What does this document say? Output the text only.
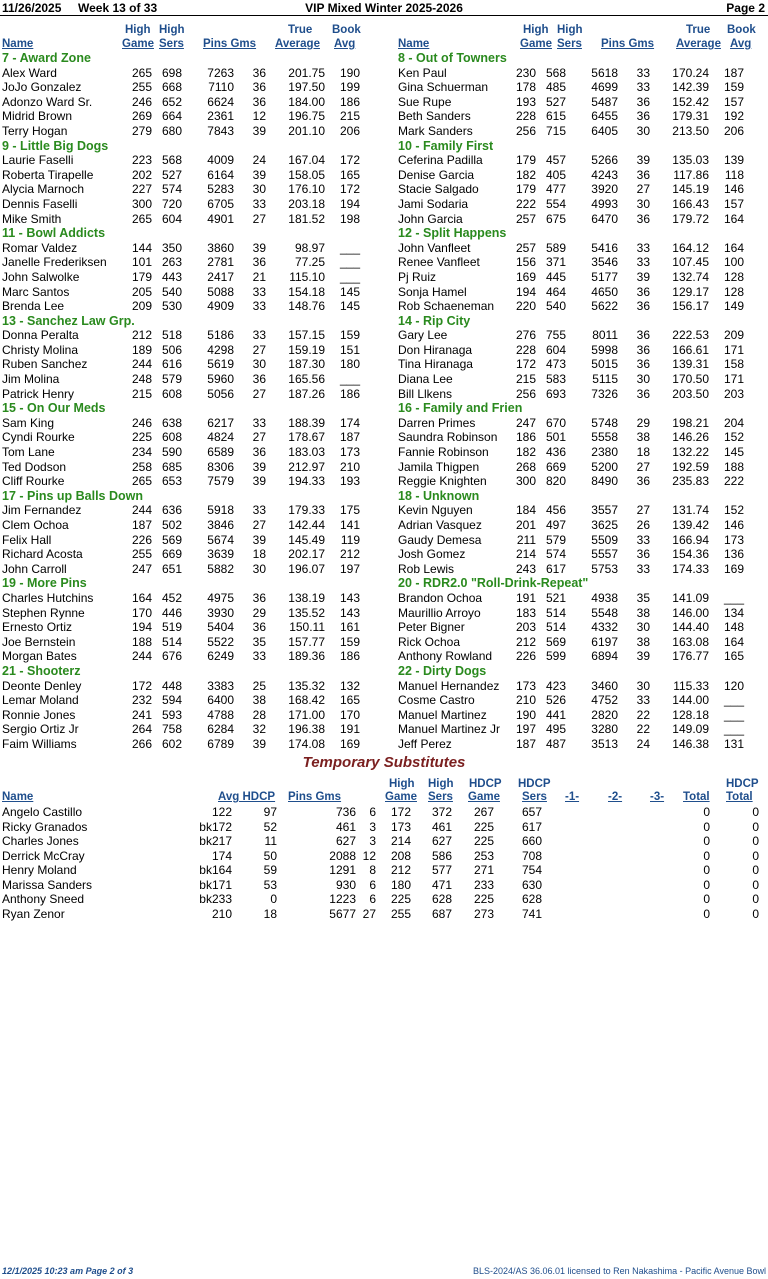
11/26/2025 Week 13 of 33	VIP Mixed Winter 2025-2026	Page 2
Name
High
Game
High
Sers Pins Gms
True
Average
Book
Avg
7 - Award Zone
Alex Ward	265 698 7263 36 201.75 190
JoJo Gonzalez	255 668 7110 36 197.50 199
Adonzo Ward Sr.	246 652 6624 36 184.00 186
Midrid Brown	269 664 2361 12 196.75 215
Terry Hogan	279 680 7843 39 201.10 206
9 - Little Big Dogs
Laurie Faselli	223 568 4009 24 167.04 172
Roberta Tirapelle	202 527 6164 39 158.05 165
Alycia Marnoch	227 574 5283 30 176.10 172
Dennis Faselli	300 720 6705 33 203.18 194
Mike Smith	265 604 4901 27 181.52 198
11 - Bowl Addicts
Romar Valdez	144 350 3860 39 98.97 ___
Janelle Frederiksen 101 263 2781 36 77.25 ___
John Salwolke	179 443 2417 21 115.10 ___
Marc Santos	205 540 5088 33 154.18 145
Brenda Lee	209 530 4909 33 148.76 145
13 - Sanchez Law Grp.
Donna Peralta	212 518 5186 33 157.15 159
Christy Molina	189 506 4298 27 159.19 151
Ruben Sanchez	244 616 5619 30 187.30 180
Jim Molina	248 579 5960 36 165.56 ___
Patrick Henry	215 608 5056 27 187.26 186
15 - On Our Meds
Sam King	246 638 6217 33 188.39 174
Cyndi Rourke	225 608 4824 27 178.67 187
Tom Lane	234 590 6589 36 183.03 173
Ted Dodson	258 685 8306 39 212.97 210
Cliff Rourke	265 653 7579 39 194.33 193
17 - Pins up Balls Down
Jim Fernandez	244 636 5918 33 179.33 175
Clem Ochoa	187 502 3846 27 142.44 141
Felix Hall	226 569 5674 39 145.49 119
Richard Acosta	255 669 3639 18 202.17 212
John Carroll	247 651 5882 30 196.07 197
19 - More Pins
Charles Hutchins	164 452 4975 36 138.19 143
Stephen Rynne	170 446 3930 29 135.52 143
Ernesto Ortiz	194 519 5404 36 150.11 161
Joe Bernstein	188 514 5522 35 157.77 159
Morgan Bates	244 676 6249 33 189.36 186
21 - Shooterz
Deonte Denley	172 448 3383 25 135.32 132
Lemar Moland	232 594 6400 38 168.42 165
Ronnie Jones	241 593 4788 28 171.00 170
Sergio Ortiz Jr	264 758 6284 32 196.38 191
Faim Williams	266 602 6789 39 174.08 169
Name
High
Game
High
Sers Pins Gms
True
Average
Book
Avg
8 - Out of Towners
Ken Paul	230 568 5618 33 170.24 187
Gina Schuerman 178 485 4699 33 142.39 159
Sue Rupe	193 527 5487 36 152.42 157
Beth Sanders	228 615 6455 36 179.31 192
Mark Sanders	256 715 6405 30 213.50 206
10 - Family First
Ceferina Padilla	179 457 5266 39 135.03 139
Denise Garcia	182 405 4243 36 117.86 118
Stacie Salgado	179 477 3920 27 145.19 146
Jami Sodaria	222 554 4993 30 166.43 157
John Garcia	257 675 6470 36 179.72 164
12 - Split Happens
John Vanfleet	257 589 5416 33 164.12 164
Renee Vanfleet	156 371 3546 33 107.45 100
Pj Ruiz	169 445 5177 39 132.74 128
Sonja Hamel	194 464 4650 36 129.17 128
Rob Schaeneman 220 540 5622 36 156.17 149
14 - Rip City
Gary Lee	276 755 8011 36 222.53 209
Don Hiranaga	228 604 5998 36 166.61 171
Tina Hiranaga	172 473 5015 36 139.31 158
Diana Lee	215 583 5115 30 170.50 171
Bill Llkens	256 693 7326 36 203.50 203
16 - Family and Frien
Darren Primes	247 670 5748 29 198.21 204
Saundra Robinson 186 501 5558 38 146.26 152
Fannie Robinson 182 436 2380 18 132.22 145
Jamila Thigpen	268 669 5200 27 192.59 188
Reggie Knighten 300 820 8490 36 235.83 222
18 - Unknown
Kevin Nguyen	184 456 3557 27 131.74 152
Adrian Vasquez	201 497 3625 26 139.42 146
Gaudy Demesa	211 579 5509 33 166.94 173
Josh Gomez	214 574 5557 36 154.36 136
Rob Lewis	243 617 5753 33 174.33 169
20 - RDR2.0 "Roll-Drink-Repeat"
Brandon Ochoa	191 521 4938 35 141.09 ___
Maurillio Arroyo	183 514 5548 38 146.00 134
Peter Bigner	203 514 4332 30 144.40 148
Rick Ochoa	212 569 6197 38 163.08 164
Anthony Rowland 226 599 6894 39 176.77 165
22 - Dirty Dogs
Manuel Hernandez 173 423 3460 30 115.33 120
Cosme Castro	210 526 4752 33 144.00 ___
Manuel Martinez 190 441 2820 22 128.18 ___
Manuel Martinez Jr 197 495 3280 22 149.09 ___
Jeff Perez	187 487 3513 24 146.38 131
Temporary Substitutes
Name	Avg HDCP Pins Gms
High
Game
High
Sers
HDCP
Game
HDCP
Sers -1-	-2- -3- Total
HDCP
Total
Angelo Castillo	122	97	736 6 172 372 267 657	0	0
Ricky Granados	bk172	52	461 3 173 461 225 617	0	0
Charles Jones	bk217	11	627 3 214 627 225 660	0	0
Derrick McCray	174	50	2088 12 208 586 253 708	0	0
Henry Moland	bk164	59	1291 8 212 577 271 754	0	0
Marissa Sanders	bk171	53	930 6 180 471 233 630	0	0
Anthony Sneed	bk233	0	1223 6 225 628 225 628	0	0
Ryan Zenor	210	18	5677 27 255 687 273 741	0	0
12/1/2025 10:23 am Page 2 of 3	BLS-2024/AS 36.06.01 licensed to Ren Nakashima - Pacific Avenue Bowl
